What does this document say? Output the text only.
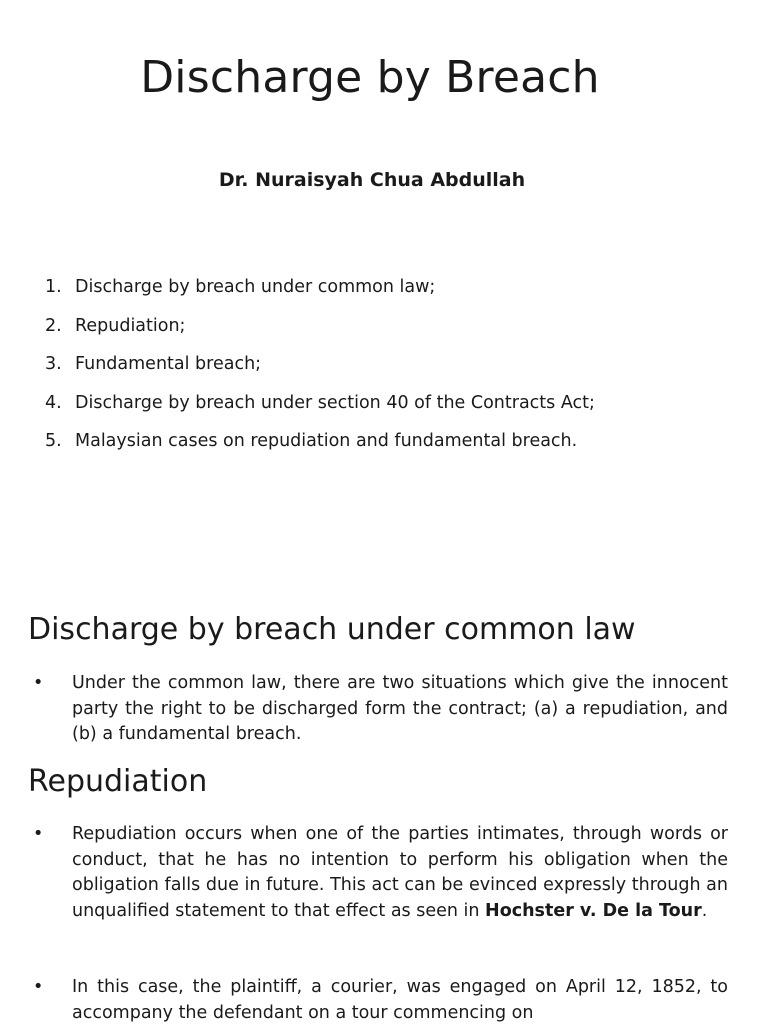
Discharge by Breach

Dr. Nuraisyah Chua Abdullah

1. Discharge by breach under common law;
2. Repudiation;
3. Fundamental breach;
4. Discharge by breach under section 40 of the Contracts Act;
5. Malaysian cases on repudiation and fundamental breach.
Discharge by breach under common law
• Under the common law, there are two situations which give the innocent party the right to be discharged form the contract; (a) a repudiation, and (b) a fundamental breach.

Repudiation
• Repudiation occurs when one of the parties intimates, through words or conduct, that he has no intention to perform his obligation when the obligation falls due in future. This act can be evinced expressly through an unqualified statement to that effect as seen in Hochster v. De la Tour.

• In this case, the plaintiff, a courier, was engaged on April 12, 1852, to accompany the defendant on a tour commencing on
